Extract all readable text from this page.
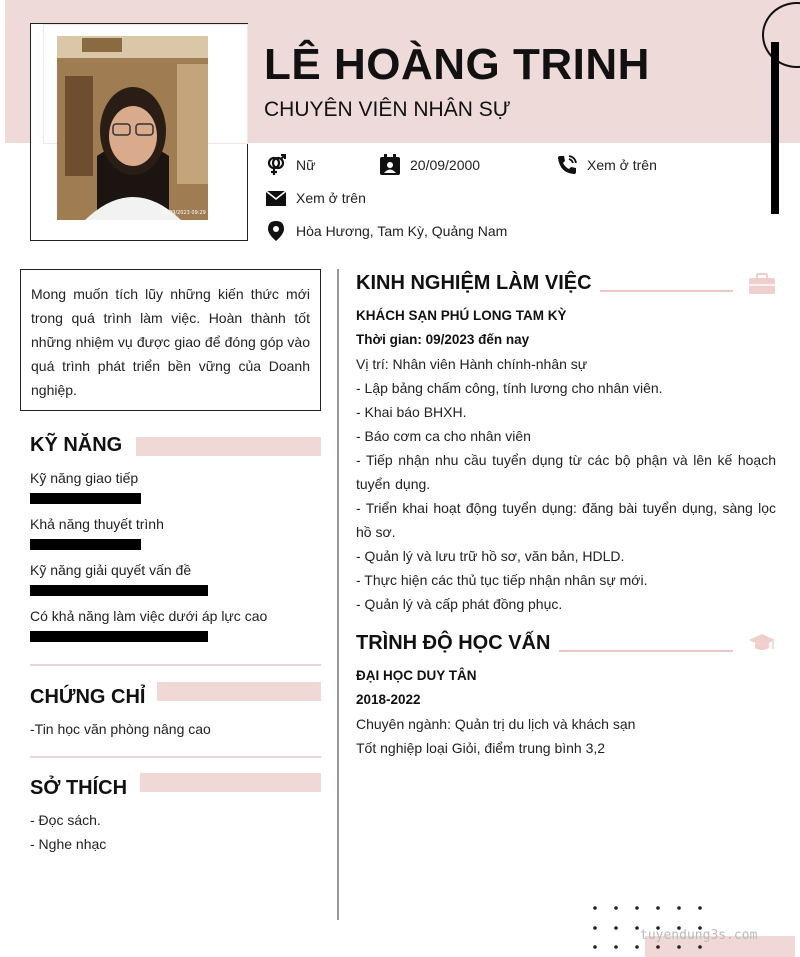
29/09/2023 09:29
LÊ HOÀNG TRINH
CHUYÊN VIÊN NHÂN SỰ
Nữ	20/09/2000	Xem ở trên
Xem ở trên
Hòa Hương, Tam Kỳ, Quảng Nam
Mong muốn tích lũy những kiến thức mới trong quá trình làm việc. Hoàn thành tốt những nhiệm vụ được giao để đóng góp vào quá trình phát triển bền vững của Doanh nghiệp.
KỸ NĂNG
Kỹ năng giao tiếp
Khả năng thuyết trình
Kỹ năng giải quyết vấn đề
Có khả năng làm việc dưới áp lực cao
CHỨNG CHỈ
-Tin học văn phòng nâng cao
SỞ THÍCH
- Đọc sách.
- Nghe nhạc
KINH NGHIỆM LÀM VIỆC
KHÁCH SẠN PHÚ LONG TAM KỲ
Thời gian: 09/2023 đến nay
Vị trí: Nhân viên Hành chính-nhân sự
- Lập bảng chấm công, tính lương cho nhân viên.
- Khai báo BHXH.
- Báo cơm ca cho nhân viên
- Tiếp nhận nhu cầu tuyển dụng từ các bộ phận và lên kế hoạch tuyển dụng.
- Triển khai hoạt động tuyển dụng: đăng bài tuyển dụng, sàng lọc hồ sơ.
- Quản lý và lưu trữ hồ sơ, văn bản, HDLD.
- Thực hiện các thủ tục tiếp nhận nhân sự mới.
- Quản lý và cấp phát đồng phục.
TRÌNH ĐỘ HỌC VẤN
ĐẠI HỌC DUY TÂN
2018-2022
Chuyên ngành: Quản trị du lịch và khách sạn
Tốt nghiệp loại Giỏi, điểm trung bình 3,2
tuyendung3s.com
